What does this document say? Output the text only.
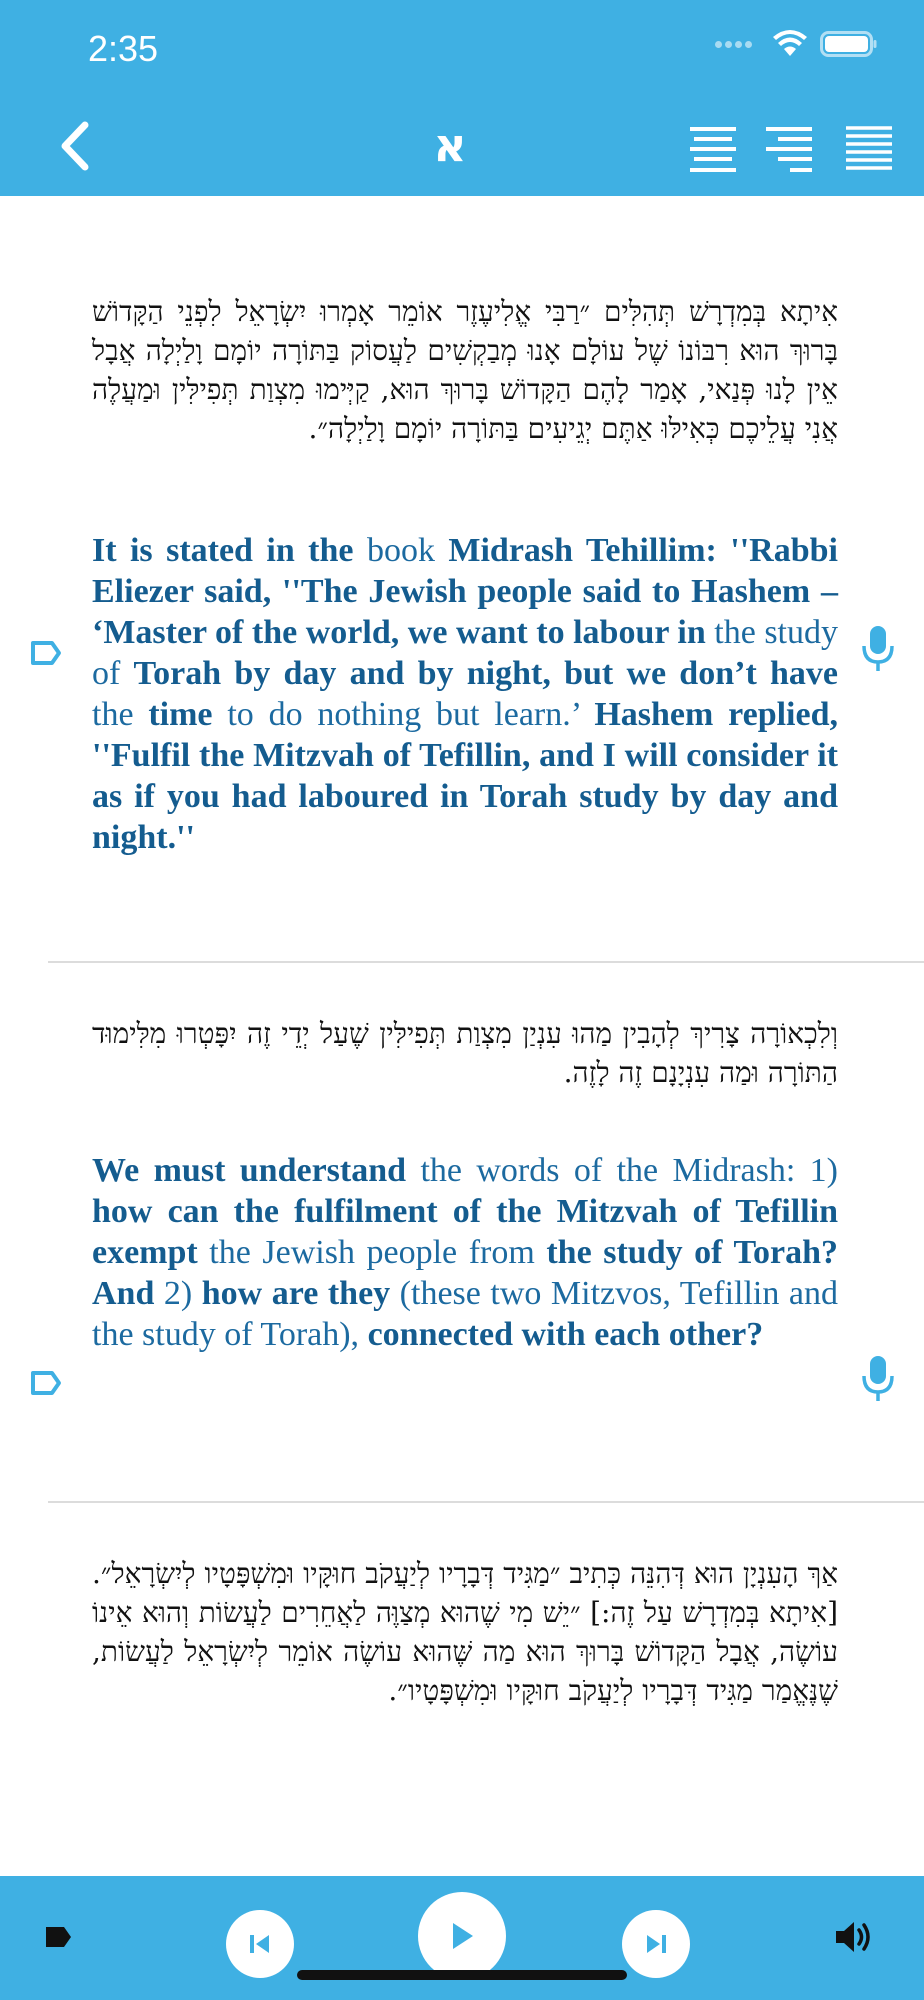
2:35
א
אִיתָא בְּמִדְרָשׁ תְּהִלִּים ״רַבִּי אֱלִיעֶזֶר אוֹמֵר אָמְרוּ יִשְׂרָאֵל לִפְנֵי הַקָּדוֹשׁ בָּרוּךְ הוּא רִבּוֹנוֹ שֶׁל עוֹלָם אָנוּ מְבַקְשִׁים לַעֲסוֹק בַּתּוֹרָה יוֹמָם וָלַיְלָה אֲבָל אֵין לָנוּ פְּנַאי, אָמַר לָהֶם הַקָּדוֹשׁ בָּרוּךְ הוּא, קַיְּימוּ מִצְוַת תְּפִילִּין וּמַעֲלֶה אֲנִי עֲלֵיכֶם כְּאִילּוּ אַתֶּם יְגֵיעִים בַּתּוֹרָה יוֹמָם וָלַיְלָה״.
It is stated in the book Midrash Tehillim: ''Rabbi Eliezer said, ''The Jewish people said to Hashem – ‘Master of the world, we want to labour in the study of Torah by day and by night, but we don’t have the time to do nothing but learn.’ Hashem replied, ''Fulfil the Mitzvah of Tefillin, and I will consider it as if you had laboured in Torah study by day and night.''
וְלִכְאוֹרָה צָרִיךְ לְהָבִין מַהוּ עִנְיַן מִצְוַת תְּפִילִּין שֶׁעַל יְדֵי זֶה יִפָּטְרוּ מִלִּימוּד הַתּוֹרָה וּמַה עִנְיָנָם זֶה לָזֶה.
We must understand the words of the Midrash: 1) how can the fulfilment of the Mitzvah of Tefillin exempt the Jewish people from the study of Torah? And 2) how are they (these two Mitzvos, Tefillin and the study of Torah), connected with each other?
אַךְ הָעִנְיָן הוּא דְּהִנֵּה כְּתִיב ״מַגִּיד דְּבָרָיו לְיַעֲקֹב חוּקָּיו וּמִשְׁפָּטָיו לְיִשְׂרָאֵל״. [אִיתָא בְּמִדְרָשׁ עַל זֶה:] ״יֵשׁ מִי שֶׁהוּא מְצַוֶּה לַאֲחֵרִים לַעֲשׂוֹת וְהוּא אֵינוֹ עוֹשֶׂה, אֲבָל הַקָּדוֹשׁ בָּרוּךְ הוּא מַה שֶּׁהוּא עוֹשֶׂה אוֹמֵר לְיִשְׂרָאֵל לַעֲשׂוֹת, שֶׁנֶּאֱמַר מַגִּיד דְּבָרָיו לְיַעֲקֹב חוּקָּיו וּמִשְׁפָּטָיו״.
